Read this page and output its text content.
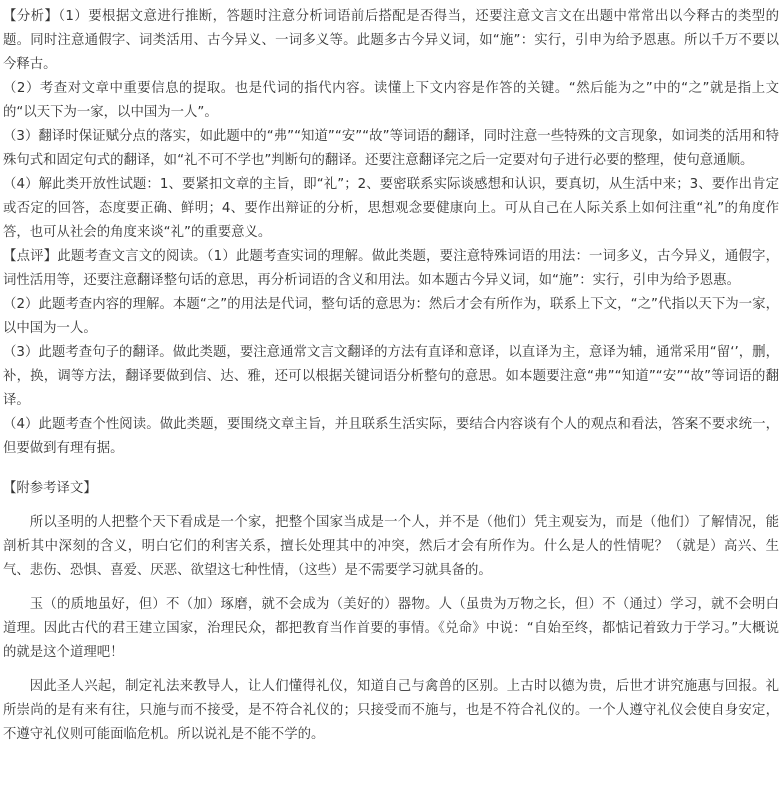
【分析】（1）要根据文意进行推断，答题时注意分析词语前后搭配是否得当，还要注意文言文在出题中常常出以今释古的类型的题。同时注意通假字、词类活用、古今异义、一词多义等。此题多古今异义词，如“施”：实行，引申为给予恩惠。所以千万不要以今释古。

（2）考查对文章中重要信息的提取。也是代词的指代内容。读懂上下文内容是作答的关键。“然后能为之”中的“之”就是指上文的“以天下为一家，以中国为一人”。

（3）翻译时保证赋分点的落实，如此题中的“弗”“知道”“安”“故”等词语的翻译，同时注意一些特殊的文言现象，如词类的活用和特殊句式和固定句式的翻译，如“礼不可不学也”判断句的翻译。还要注意翻译完之后一定要对句子进行必要的整理，使句意通顺。

（4）解此类开放性试题：1、要紧扣文章的主旨，即“礼”；2、要密联系实际谈感想和认识，要真切，从生活中来；3、要作出肯定或否定的回答，态度要正确、鲜明；4、要作出辩证的分析，思想观念要健康向上。可从自己在人际关系上如何注重“礼”的角度作答，也可从社会的角度来谈“礼”的重要意义。

【点评】此题考查文言文的阅读。（1）此题考查实词的理解。做此类题，要注意特殊词语的用法：一词多义，古今异义，通假字，词性活用等，还要注意翻译整句话的意思，再分析词语的含义和用法。如本题古今异义词，如“施”：实行，引申为给予恩惠。

（2）此题考查内容的理解。本题“之”的用法是代词，整句话的意思为：然后才会有所作为，联系上下文，“之”代指以天下为一家，以中国为一人。

（3）此题考查句子的翻译。做此类题，要注意通常文言文翻译的方法有直译和意译，以直译为主，意译为辅，通常采用“留‘’，删，补，换，调等方法，翻译要做到信、达、雅，还可以根据关键词语分析整句的意思。如本题要注意“弗”“知道”“安”“故”等词语的翻译。

（4）此题考查个性阅读。做此类题，要围绕文章主旨，并且联系生活实际，要结合内容谈有个人的观点和看法，答案不要求统一，但要做到有理有据。

【附参考译文】

所以圣明的人把整个天下看成是一个家，把整个国家当成是一个人，并不是（他们）凭主观妄为，而是（他们）了解情况，能剖析其中深刻的含义，明白它们的利害关系，擅长处理其中的冲突，然后才会有所作为。什么是人的性情呢？（就是）高兴、生气、悲伤、恐惧、喜爱、厌恶、欲望这七种性情，（这些）是不需要学习就具备的。

玉（的质地虽好，但）不（加）琢磨，就不会成为（美好的）器物。人（虽贵为万物之长，但）不（通过）学习，就不会明白道理。因此古代的君王建立国家，治理民众，都把教育当作首要的事情。《兑命》中说：“自始至终，都惦记着致力于学习。”大概说的就是这个道理吧！

因此圣人兴起，制定礼法来教导人，让人们懂得礼仪，知道自己与禽兽的区别。上古时以德为贵，后世才讲究施惠与回报。礼所崇尚的是有来有往，只施与而不接受，是不符合礼仪的；只接受而不施与，也是不符合礼仪的。一个人遵守礼仪会使自身安定，不遵守礼仪则可能面临危机。所以说礼是不能不学的。
